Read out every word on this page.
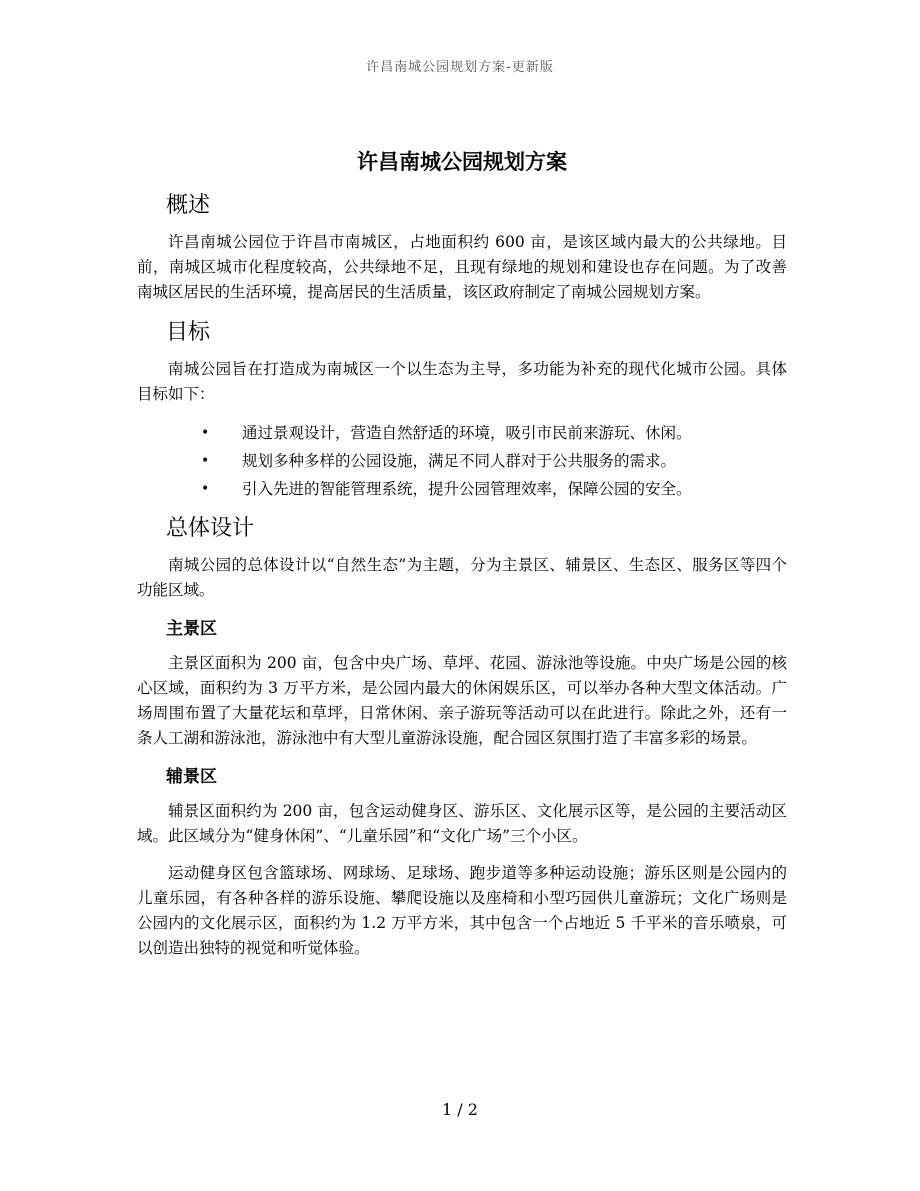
许昌南城公园规划方案-更新版
许昌南城公园规划方案
概述

许昌南城公园位于许昌市南城区，占地面积约 600 亩，是该区域内最大的公共绿地。目前，南城区城市化程度较高，公共绿地不足，且现有绿地的规划和建设也存在问题。为了改善南城区居民的生活环境，提高居民的生活质量，该区政府制定了南城公园规划方案。

目标

南城公园旨在打造成为南城区一个以生态为主导，多功能为补充的现代化城市公园。具体目标如下：

• 通过景观设计，营造自然舒适的环境，吸引市民前来游玩、休闲。
• 规划多种多样的公园设施，满足不同人群对于公共服务的需求。
• 引入先进的智能管理系统，提升公园管理效率，保障公园的安全。
总体设计

南城公园的总体设计以“自然生态”为主题，分为主景区、辅景区、生态区、服务区等四个功能区域。

主景区

主景区面积为 200 亩，包含中央广场、草坪、花园、游泳池等设施。中央广场是公园的核心区域，面积约为 3 万平方米，是公园内最大的休闲娱乐区，可以举办各种大型文体活动。广场周围布置了大量花坛和草坪，日常休闲、亲子游玩等活动可以在此进行。除此之外，还有一条人工湖和游泳池，游泳池中有大型儿童游泳设施，配合园区氛围打造了丰富多彩的场景。

辅景区

辅景区面积约为 200 亩，包含运动健身区、游乐区、文化展示区等，是公园的主要活动区域。此区域分为“健身休闲”、“儿童乐园”和“文化广场”三个小区。

运动健身区包含篮球场、网球场、足球场、跑步道等多种运动设施；游乐区则是公园内的儿童乐园，有各种各样的游乐设施、攀爬设施以及座椅和小型巧园供儿童游玩；文化广场则是公园内的文化展示区，面积约为 1.2 万平方米，其中包含一个占地近 5 千平米的音乐喷泉，可以创造出独特的视觉和听觉体验。

1 / 2
